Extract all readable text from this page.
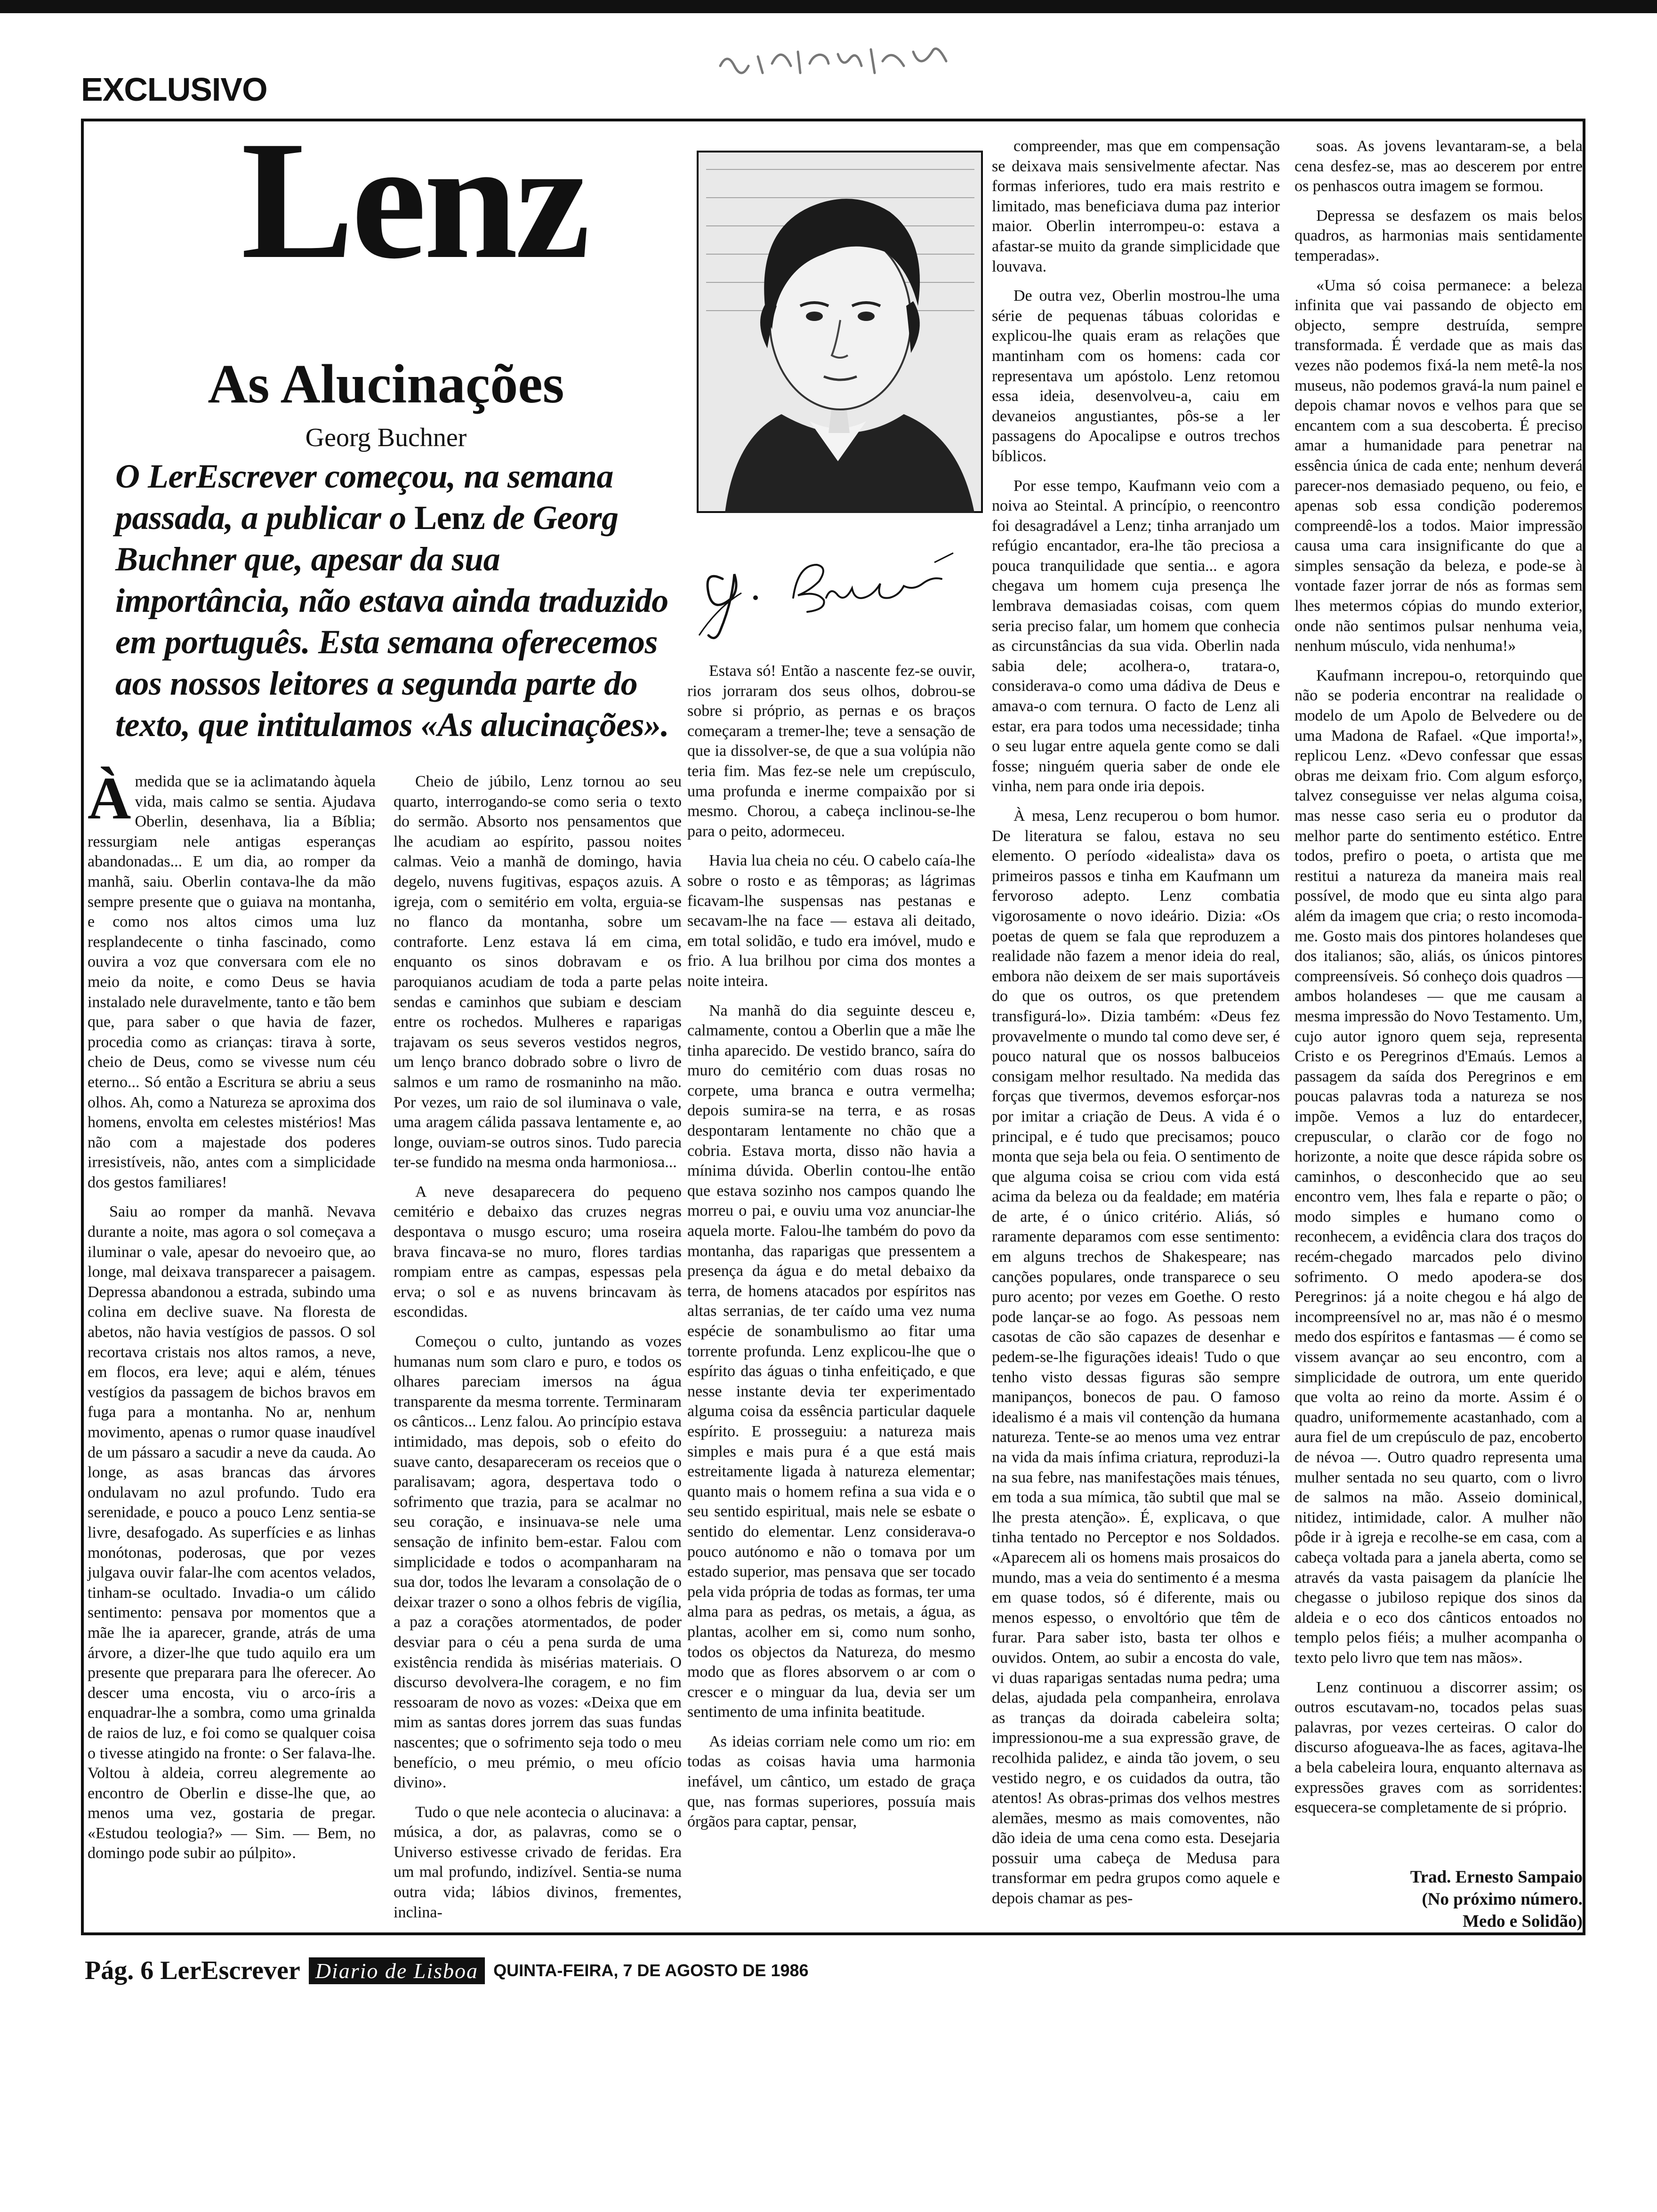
EXCLUSIVO
Lenz
As Alucinações
Georg Buchner
O LerEscrever começou, na semana passada, a publicar o Lenz de Georg Buchner que, apesar da sua importância, não estava ainda traduzido em português. Esta semana oferecemos aos nossos leitores a segunda parte do texto, que intitulamos «As alucinações».

Àmedida que se ia aclimatando àquela vida, mais calmo se sentia. Ajudava Oberlin, desenhava, lia a Bíblia; ressurgiam nele antigas esperanças abandonadas... E um dia, ao romper da manhã, saiu. Oberlin contava-lhe da mão sempre presente que o guiava na montanha, e como nos altos cimos uma luz resplandecente o tinha fascinado, como ouvira a voz que conversara com ele no meio da noite, e como Deus se havia instalado nele duravelmente, tanto e tão bem que, para saber o que havia de fazer, procedia como as crianças: tirava à sorte, cheio de Deus, como se vivesse num céu eterno... Só então a Escritura se abriu a seus olhos. Ah, como a Natureza se aproxima dos homens, envolta em celestes mistérios! Mas não com a majestade dos poderes irresistíveis, não, antes com a simplicidade dos gestos familiares!

Saiu ao romper da manhã. Nevava durante a noite, mas agora o sol começava a iluminar o vale, apesar do nevoeiro que, ao longe, mal deixava transparecer a paisagem. Depressa abandonou a estrada, subindo uma colina em declive suave. Na floresta de abetos, não havia vestígios de passos. O sol recortava cristais nos altos ramos, a neve, em flocos, era leve; aqui e além, ténues vestígios da passagem de bichos bravos em fuga para a montanha. No ar, nenhum movimento, apenas o rumor quase inaudível de um pássaro a sacudir a neve da cauda. Ao longe, as asas brancas das árvores ondulavam no azul profundo. Tudo era serenidade, e pouco a pouco Lenz sentia-se livre, desafogado. As superfícies e as linhas monótonas, poderosas, que por vezes julgava ouvir falar-lhe com acentos velados, tinham-se ocultado. Invadia-o um cálido sentimento: pensava por momentos que a mãe lhe ia aparecer, grande, atrás de uma árvore, a dizer-lhe que tudo aquilo era um presente que preparara para lhe oferecer. Ao descer uma encosta, viu o arco-íris a enquadrar-lhe a sombra, como uma grinalda de raios de luz, e foi como se qualquer coisa o tivesse atingido na fronte: o Ser falava-lhe. Voltou à aldeia, correu alegremente ao encontro de Oberlin e disse-lhe que, ao menos uma vez, gostaria de pregar. «Estudou teologia?» — Sim. — Bem, no domingo pode subir ao púlpito».

Cheio de júbilo, Lenz tornou ao seu quarto, interrogando-se como seria o texto do sermão. Absorto nos pensamentos que lhe acudiam ao espírito, passou noites calmas. Veio a manhã de domingo, havia degelo, nuvens fugitivas, espaços azuis. A igreja, com o semitério em volta, erguia-se no flanco da montanha, sobre um contraforte. Lenz estava lá em cima, enquanto os sinos dobravam e os paroquianos acudiam de toda a parte pelas sendas e caminhos que subiam e desciam entre os rochedos. Mulheres e raparigas trajavam os seus severos vestidos negros, um lenço branco dobrado sobre o livro de salmos e um ramo de rosmaninho na mão. Por vezes, um raio de sol iluminava o vale, uma aragem cálida passava lentamente e, ao longe, ouviam-se outros sinos. Tudo parecia ter-se fundido na mesma onda harmoniosa...

A neve desaparecera do pequeno cemitério e debaixo das cruzes negras despontava o musgo escuro; uma roseira brava fincava-se no muro, flores tardias rompiam entre as campas, espessas pela erva; o sol e as nuvens brincavam às escondidas.

Começou o culto, juntando as vozes humanas num som claro e puro, e todos os olhares pareciam imersos na água transparente da mesma torrente. Terminaram os cânticos... Lenz falou. Ao princípio estava intimidado, mas depois, sob o efeito do suave canto, desapareceram os receios que o paralisavam; agora, despertava todo o sofrimento que trazia, para se acalmar no seu coração, e insinuava-se nele uma sensação de infinito bem-estar. Falou com simplicidade e todos o acompanharam na sua dor, todos lhe levaram a consolação de o deixar trazer o sono a olhos febris de vigília, a paz a corações atormentados, de poder desviar para o céu a pena surda de uma existência rendida às misérias materiais. O discurso devolvera-lhe coragem, e no fim ressoaram de novo as vozes: «Deixa que em mim as santas dores jorrem das suas fundas nascentes; que o sofrimento seja todo o meu benefício, o meu prémio, o meu ofício divino».

Tudo o que nele acontecia o alucinava: a música, a dor, as palavras, como se o Universo estivesse crivado de feridas. Era um mal profundo, indizível. Sentia-se numa outra vida; lábios divinos, frementes, inclina-

Estava só! Então a nascente fez-se ouvir, rios jorraram dos seus olhos, dobrou-se sobre si próprio, as pernas e os braços começaram a tremer-lhe; teve a sensação de que ia dissolver-se, de que a sua volúpia não teria fim. Mas fez-se nele um crepúsculo, uma profunda e inerme compaixão por si mesmo. Chorou, a cabeça inclinou-se-lhe para o peito, adormeceu.

Havia lua cheia no céu. O cabelo caía-lhe sobre o rosto e as têmporas; as lágrimas ficavam-lhe suspensas nas pestanas e secavam-lhe na face — estava ali deitado, em total solidão, e tudo era imóvel, mudo e frio. A lua brilhou por cima dos montes a noite inteira.

Na manhã do dia seguinte desceu e, calmamente, contou a Oberlin que a mãe lhe tinha aparecido. De vestido branco, saíra do muro do cemitério com duas rosas no corpete, uma branca e outra vermelha; depois sumira-se na terra, e as rosas despontaram lentamente no chão que a cobria. Estava morta, disso não havia a mínima dúvida. Oberlin contou-lhe então que estava sozinho nos campos quando lhe morreu o pai, e ouviu uma voz anunciar-lhe aquela morte. Falou-lhe também do povo da montanha, das raparigas que pressentem a presença da água e do metal debaixo da terra, de homens atacados por espíritos nas altas serranias, de ter caído uma vez numa espécie de sonambulismo ao fitar uma torrente profunda. Lenz explicou-lhe que o espírito das águas o tinha enfeitiçado, e que nesse instante devia ter experimentado alguma coisa da essência particular daquele espírito. E prosseguiu: a natureza mais simples e mais pura é a que está mais estreitamente ligada à natureza elementar; quanto mais o homem refina a sua vida e o seu sentido espiritual, mais nele se esbate o sentido do elementar. Lenz considerava-o pouco autónomo e não o tomava por um estado superior, mas pensava que ser tocado pela vida própria de todas as formas, ter uma alma para as pedras, os metais, a água, as plantas, acolher em si, como num sonho, todos os objectos da Natureza, do mesmo modo que as flores absorvem o ar com o crescer e o minguar da lua, devia ser um sentimento de uma infinita beatitude.

As ideias corriam nele como um rio: em todas as coisas havia uma harmonia inefável, um cântico, um estado de graça que, nas formas superiores, possuía mais órgãos para captar, pensar,

compreender, mas que em compensação se deixava mais sensivelmente afectar. Nas formas inferiores, tudo era mais restrito e limitado, mas beneficiava duma paz interior maior. Oberlin interrompeu-o: estava a afastar-se muito da grande simplicidade que louvava.

De outra vez, Oberlin mostrou-lhe uma série de pequenas tábuas coloridas e explicou-lhe quais eram as relações que mantinham com os homens: cada cor representava um apóstolo. Lenz retomou essa ideia, desenvolveu-a, caiu em devaneios angustiantes, pôs-se a ler passagens do Apocalipse e outros trechos bíblicos.

Por esse tempo, Kaufmann veio com a noiva ao Steintal. A princípio, o reencontro foi desagradável a Lenz; tinha arranjado um refúgio encantador, era-lhe tão preciosa a pouca tranquilidade que sentia... e agora chegava um homem cuja presença lhe lembrava demasiadas coisas, com quem seria preciso falar, um homem que conhecia as circunstâncias da sua vida. Oberlin nada sabia dele; acolhera-o, tratara-o, considerava-o como uma dádiva de Deus e amava-o com ternura. O facto de Lenz ali estar, era para todos uma necessidade; tinha o seu lugar entre aquela gente como se dali fosse; ninguém queria saber de onde ele vinha, nem para onde iria depois.

À mesa, Lenz recuperou o bom humor. De literatura se falou, estava no seu elemento. O período «idealista» dava os primeiros passos e tinha em Kaufmann um fervoroso adepto. Lenz combatia vigorosamente o novo ideário. Dizia: «Os poetas de quem se fala que reproduzem a realidade não fazem a menor ideia do real, embora não deixem de ser mais suportáveis do que os outros, os que pretendem transfigurá-lo». Dizia também: «Deus fez provavelmente o mundo tal como deve ser, é pouco natural que os nossos balbuceios consigam melhor resultado. Na medida das forças que tivermos, devemos esforçar-nos por imitar a criação de Deus. A vida é o principal, e é tudo que precisamos; pouco monta que seja bela ou feia. O sentimento de que alguma coisa se criou com vida está acima da beleza ou da fealdade; em matéria de arte, é o único critério. Aliás, só raramente deparamos com esse sentimento: em alguns trechos de Shakespeare; nas canções populares, onde transparece o seu puro acento; por vezes em Goethe. O resto pode lançar-se ao fogo. As pessoas nem casotas de cão são capazes de desenhar e pedem-se-lhe figurações ideais! Tudo o que tenho visto dessas figuras são sempre manipanços, bonecos de pau. O famoso idealismo é a mais vil contenção da humana natureza. Tente-se ao menos uma vez entrar na vida da mais ínfima criatura, reproduzi-la na sua febre, nas manifestações mais ténues, em toda a sua mímica, tão subtil que mal se lhe presta atenção». É, explicava, o que tinha tentado no Perceptor e nos Soldados. «Aparecem ali os homens mais prosaicos do mundo, mas a veia do sentimento é a mesma em quase todos, só é diferente, mais ou menos espesso, o envoltório que têm de furar. Para saber isto, basta ter olhos e ouvidos. Ontem, ao subir a encosta do vale, vi duas raparigas sentadas numa pedra; uma delas, ajudada pela companheira, enrolava as tranças da doirada cabeleira solta; impressionou-me a sua expressão grave, de recolhida palidez, e ainda tão jovem, o seu vestido negro, e os cuidados da outra, tão atentos! As obras-primas dos velhos mestres alemães, mesmo as mais comoventes, não dão ideia de uma cena como esta. Desejaria possuir uma cabeça de Medusa para transformar em pedra grupos como aquele e depois chamar as pes-

soas. As jovens levantaram-se, a bela cena desfez-se, mas ao descerem por entre os penhascos outra imagem se formou.

Depressa se desfazem os mais belos quadros, as harmonias mais sentidamente temperadas».

«Uma só coisa permanece: a beleza infinita que vai passando de objecto em objecto, sempre destruída, sempre transformada. É verdade que as mais das vezes não podemos fixá-la nem metê-la nos museus, não podemos gravá-la num painel e depois chamar novos e velhos para que se encantem com a sua descoberta. É preciso amar a humanidade para penetrar na essência única de cada ente; nenhum deverá parecer-nos demasiado pequeno, ou feio, e apenas sob essa condição poderemos compreendê-los a todos. Maior impressão causa uma cara insignificante do que a simples sensação da beleza, e pode-se à vontade fazer jorrar de nós as formas sem lhes metermos cópias do mundo exterior, onde não sentimos pulsar nenhuma veia, nenhum músculo, vida nenhuma!»

Kaufmann increpou-o, retorquindo que não se poderia encontrar na realidade o modelo de um Apolo de Belvedere ou de uma Madona de Rafael. «Que importa!», replicou Lenz. «Devo confessar que essas obras me deixam frio. Com algum esforço, talvez conseguisse ver nelas alguma coisa, mas nesse caso seria eu o produtor da melhor parte do sentimento estético. Entre todos, prefiro o poeta, o artista que me restitui a natureza da maneira mais real possível, de modo que eu sinta algo para além da imagem que cria; o resto incomoda-me. Gosto mais dos pintores holandeses que dos italianos; são, aliás, os únicos pintores compreensíveis. Só conheço dois quadros — ambos holandeses — que me causam a mesma impressão do Novo Testamento. Um, cujo autor ignoro quem seja, representa Cristo e os Peregrinos d'Emaús. Lemos a passagem da saída dos Peregrinos e em poucas palavras toda a natureza se nos impõe. Vemos a luz do entardecer, crepuscular, o clarão cor de fogo no horizonte, a noite que desce rápida sobre os caminhos, o desconhecido que ao seu encontro vem, lhes fala e reparte o pão; o modo simples e humano como o reconhecem, a evidência clara dos traços do recém-chegado marcados pelo divino sofrimento. O medo apodera-se dos Peregrinos: já a noite chegou e há algo de incompreensível no ar, mas não é o mesmo medo dos espíritos e fantasmas — é como se vissem avançar ao seu encontro, com a simplicidade de outrora, um ente querido que volta ao reino da morte. Assim é o quadro, uniformemente acastanhado, com a aura fiel de um crepúsculo de paz, encoberto de névoa —. Outro quadro representa uma mulher sentada no seu quarto, com o livro de salmos na mão. Asseio dominical, nitidez, intimidade, calor. A mulher não pôde ir à igreja e recolhe-se em casa, com a cabeça voltada para a janela aberta, como se através da vasta paisagem da planície lhe chegasse o jubiloso repique dos sinos da aldeia e o eco dos cânticos entoados no templo pelos fiéis; a mulher acompanha o texto pelo livro que tem nas mãos».

Lenz continuou a discorrer assim; os outros escutavam-no, tocados pelas suas palavras, por vezes certeiras. O calor do discurso afogueava-lhe as faces, agitava-lhe a bela cabeleira loura, enquanto alternava as expressões graves com as sorridentes: esquecera-se completamente de si próprio.

Trad. Ernesto Sampaio
(No próximo número.
Medo e Solidão)
Pág. 6 LerEscrever Diario de Lisboa QUINTA-FEIRA, 7 DE AGOSTO DE 1986
